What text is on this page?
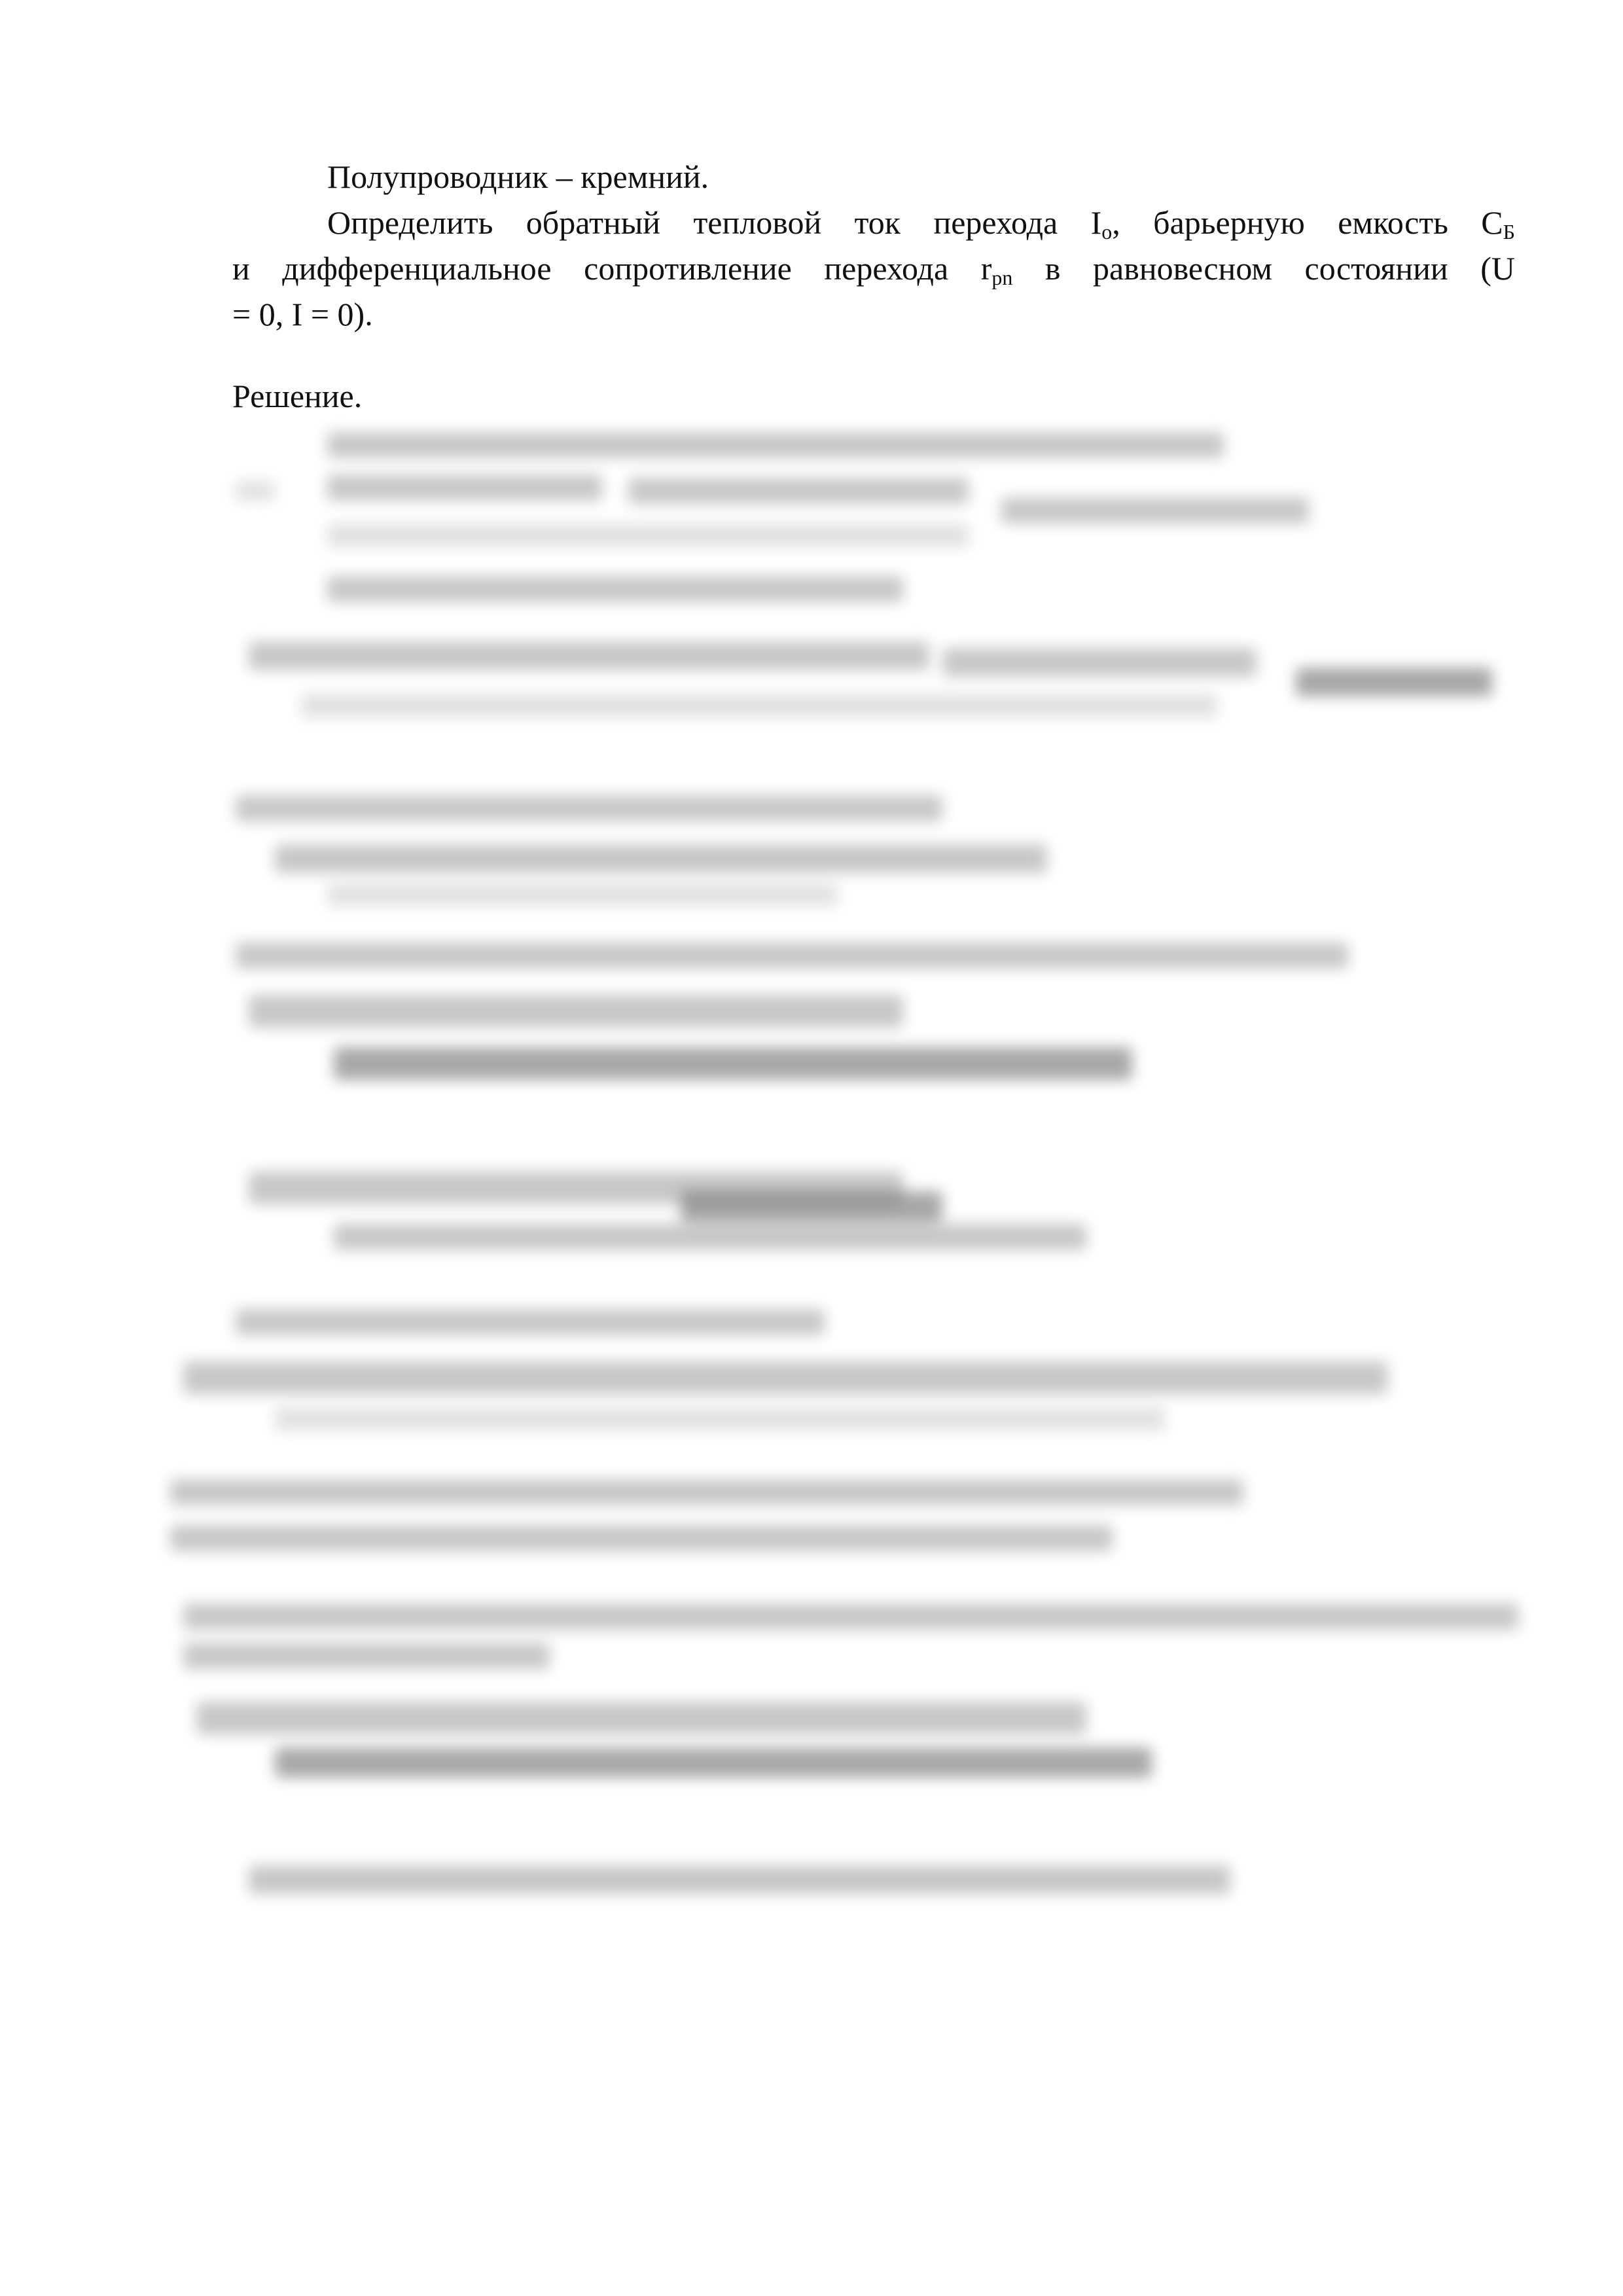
Полупроводник – кремний.
Определить обратный тепловой ток перехода $I_o$, барьерную емкость $С_Б$
и дифференциальное сопротивление перехода $r_{pn}$ в равновесном состоянии (U
= 0, I = 0).
Решение.
